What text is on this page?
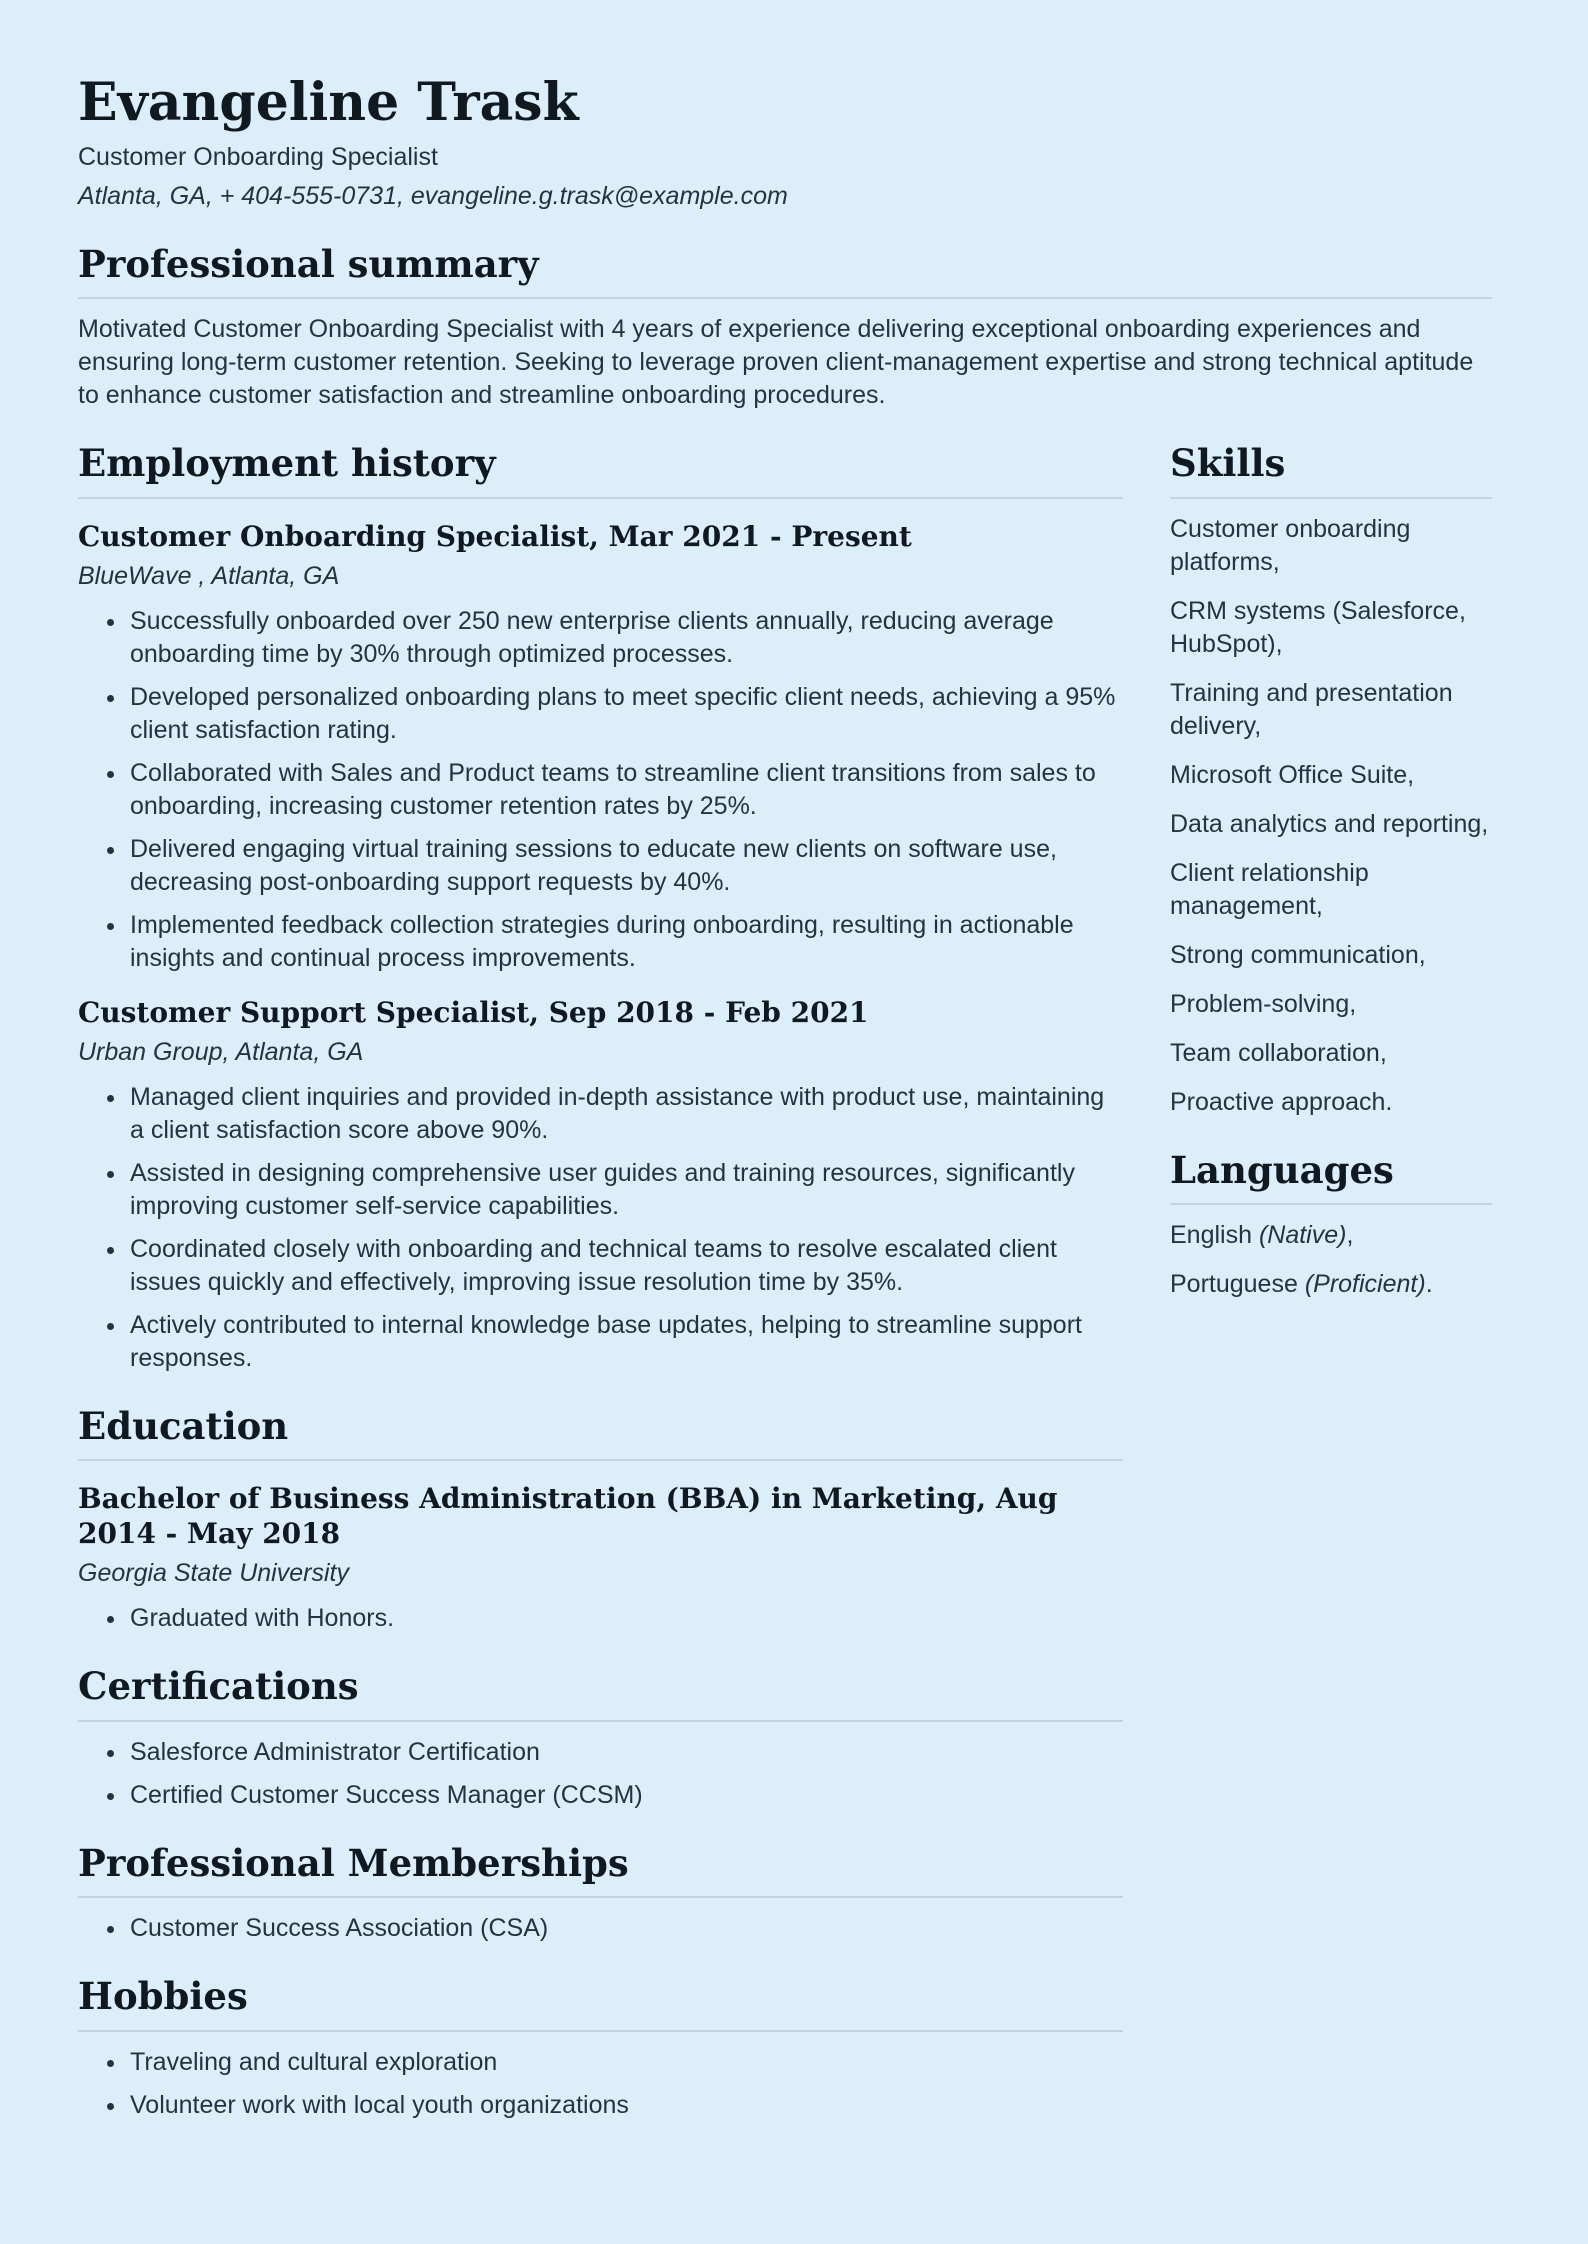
Evangeline Trask
Customer Onboarding Specialist
Atlanta, GA, + 404-555-0731, evangeline.g.trask@example.com
Professional summary

Motivated Customer Onboarding Specialist with 4 years of experience delivering exceptional onboarding experiences and ensuring long-term customer retention. Seeking to leverage proven client-management expertise and strong technical aptitude to enhance customer satisfaction and streamline onboarding procedures.

Employment history
Customer Onboarding Specialist, Mar 2021 - Present
BlueWave , Atlanta, GA
• Successfully onboarded over 250 new enterprise clients annually, reducing average onboarding time by 30% through optimized processes.
• Developed personalized onboarding plans to meet specific client needs, achieving a 95% client satisfaction rating.
• Collaborated with Sales and Product teams to streamline client transitions from sales to onboarding, increasing customer retention rates by 25%.
• Delivered engaging virtual training sessions to educate new clients on software use, decreasing post-onboarding support requests by 40%.
• Implemented feedback collection strategies during onboarding, resulting in actionable insights and continual process improvements.
Customer Support Specialist, Sep 2018 - Feb 2021
Urban Group, Atlanta, GA
• Managed client inquiries and provided in-depth assistance with product use, maintaining a client satisfaction score above 90%.
• Assisted in designing comprehensive user guides and training resources, significantly improving customer self-service capabilities.
• Coordinated closely with onboarding and technical teams to resolve escalated client issues quickly and effectively, improving issue resolution time by 35%.
• Actively contributed to internal knowledge base updates, helping to streamline support responses.
Education
Bachelor of Business Administration (BBA) in Marketing, Aug 2014 - May 2018
Georgia State University
• Graduated with Honors.
Certifications
• Salesforce Administrator Certification
• Certified Customer Success Manager (CCSM)
Professional Memberships
• Customer Success Association (CSA)
Hobbies
• Traveling and cultural exploration
• Volunteer work with local youth organizations
Skills
Customer onboarding platforms,
CRM systems (Salesforce, HubSpot),
Training and presentation delivery,
Microsoft Office Suite,
Data analytics and reporting,
Client relationship management,
Strong communication,
Problem-solving,
Team collaboration,
Proactive approach.
Languages
English (Native),
Portuguese (Proficient).
